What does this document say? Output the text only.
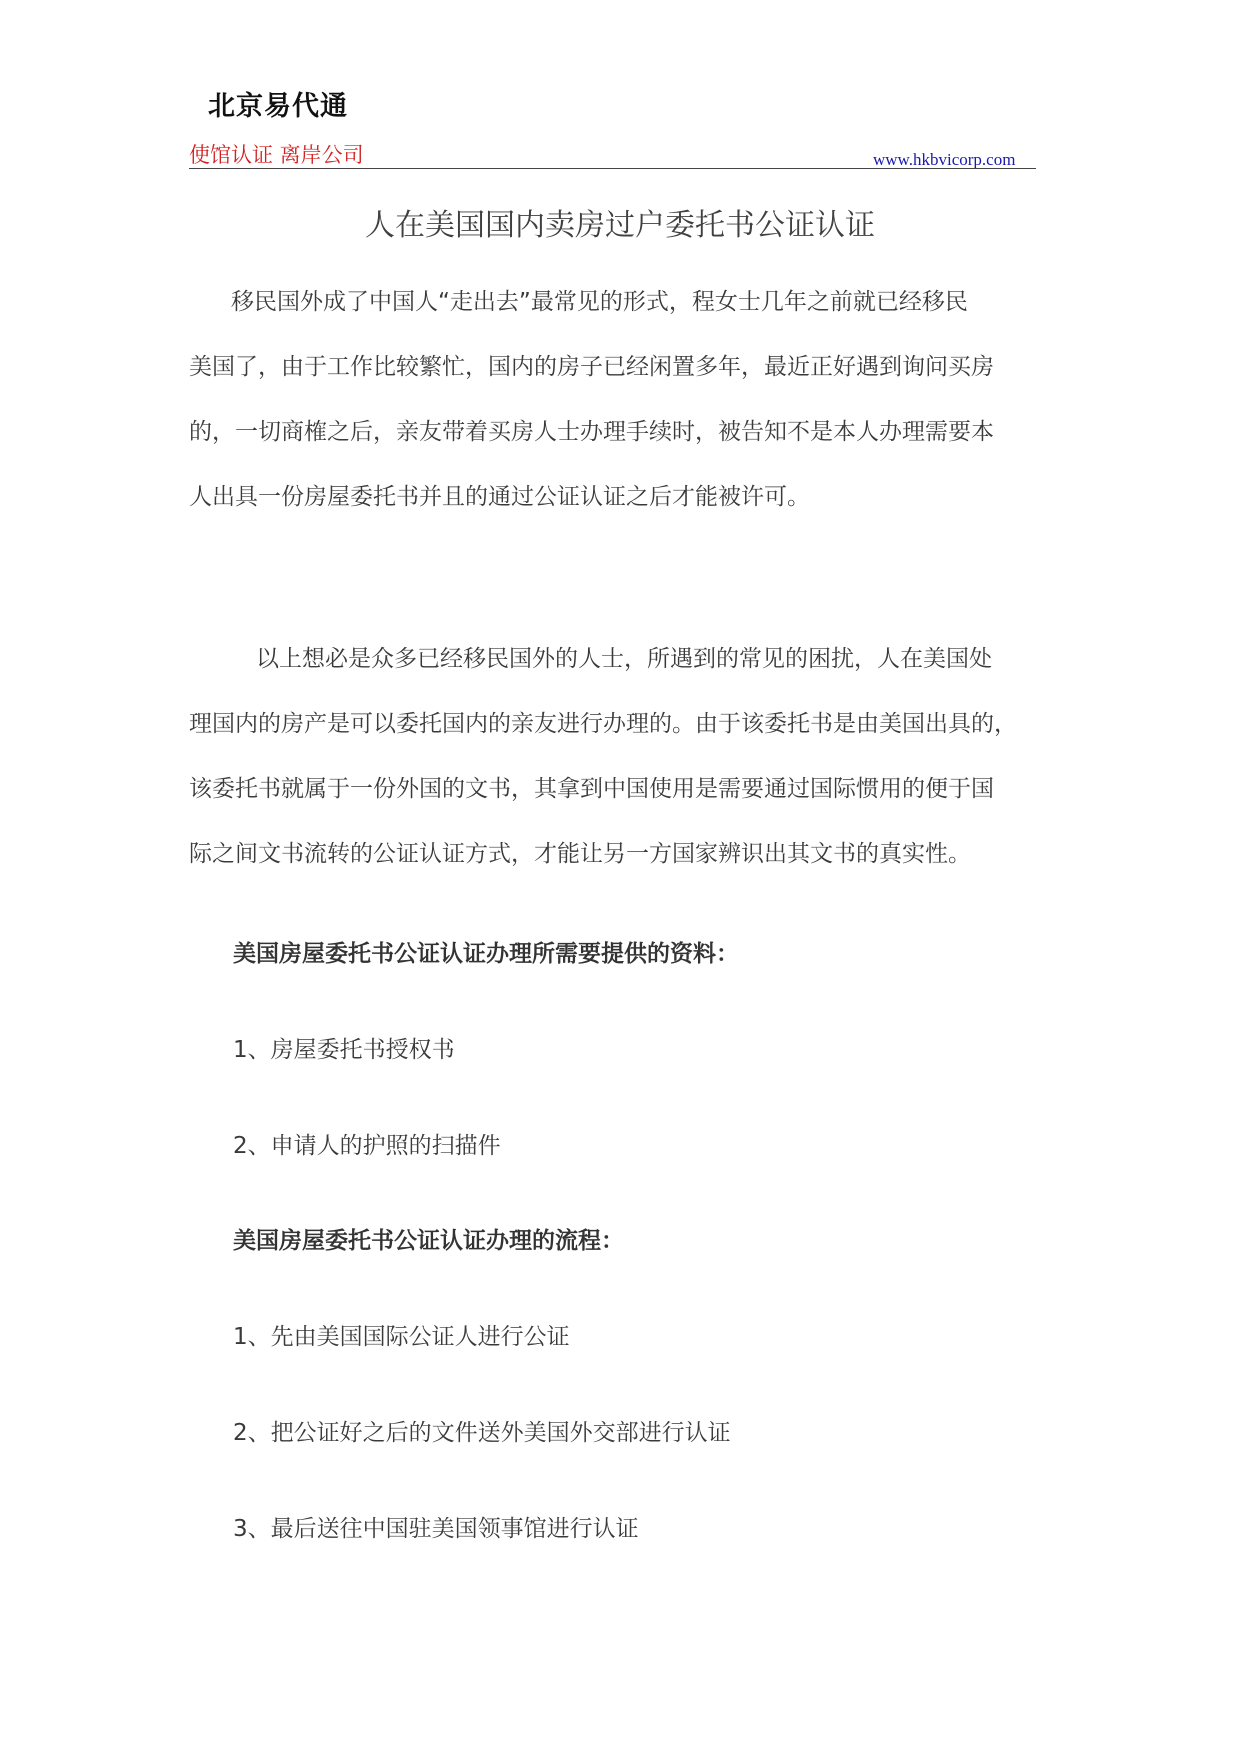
北京易代通
使馆认证 离岸公司	www.hkbvicorp.com
人在美国国内卖房过户委托书公证认证
移民国外成了中国人“走出去”最常见的形式，程女士几年之前就已经移民
美国了，由于工作比较繁忙，国内的房子已经闲置多年，最近正好遇到询问买房
的，一切商榷之后，亲友带着买房人士办理手续时，被告知不是本人办理需要本
人出具一份房屋委托书并且的通过公证认证之后才能被许可。
以上想必是众多已经移民国外的人士，所遇到的常见的困扰，人在美国处
理国内的房产是可以委托国内的亲友进行办理的。由于该委托书是由美国出具的，
该委托书就属于一份外国的文书，其拿到中国使用是需要通过国际惯用的便于国
际之间文书流转的公证认证方式，才能让另一方国家辨识出其文书的真实性。
美国房屋委托书公证认证办理所需要提供的资料：
1、房屋委托书授权书
2、申请人的护照的扫描件
美国房屋委托书公证认证办理的流程：
1、先由美国国际公证人进行公证
2、把公证好之后的文件送外美国外交部进行认证
3、最后送往中国驻美国领事馆进行认证
